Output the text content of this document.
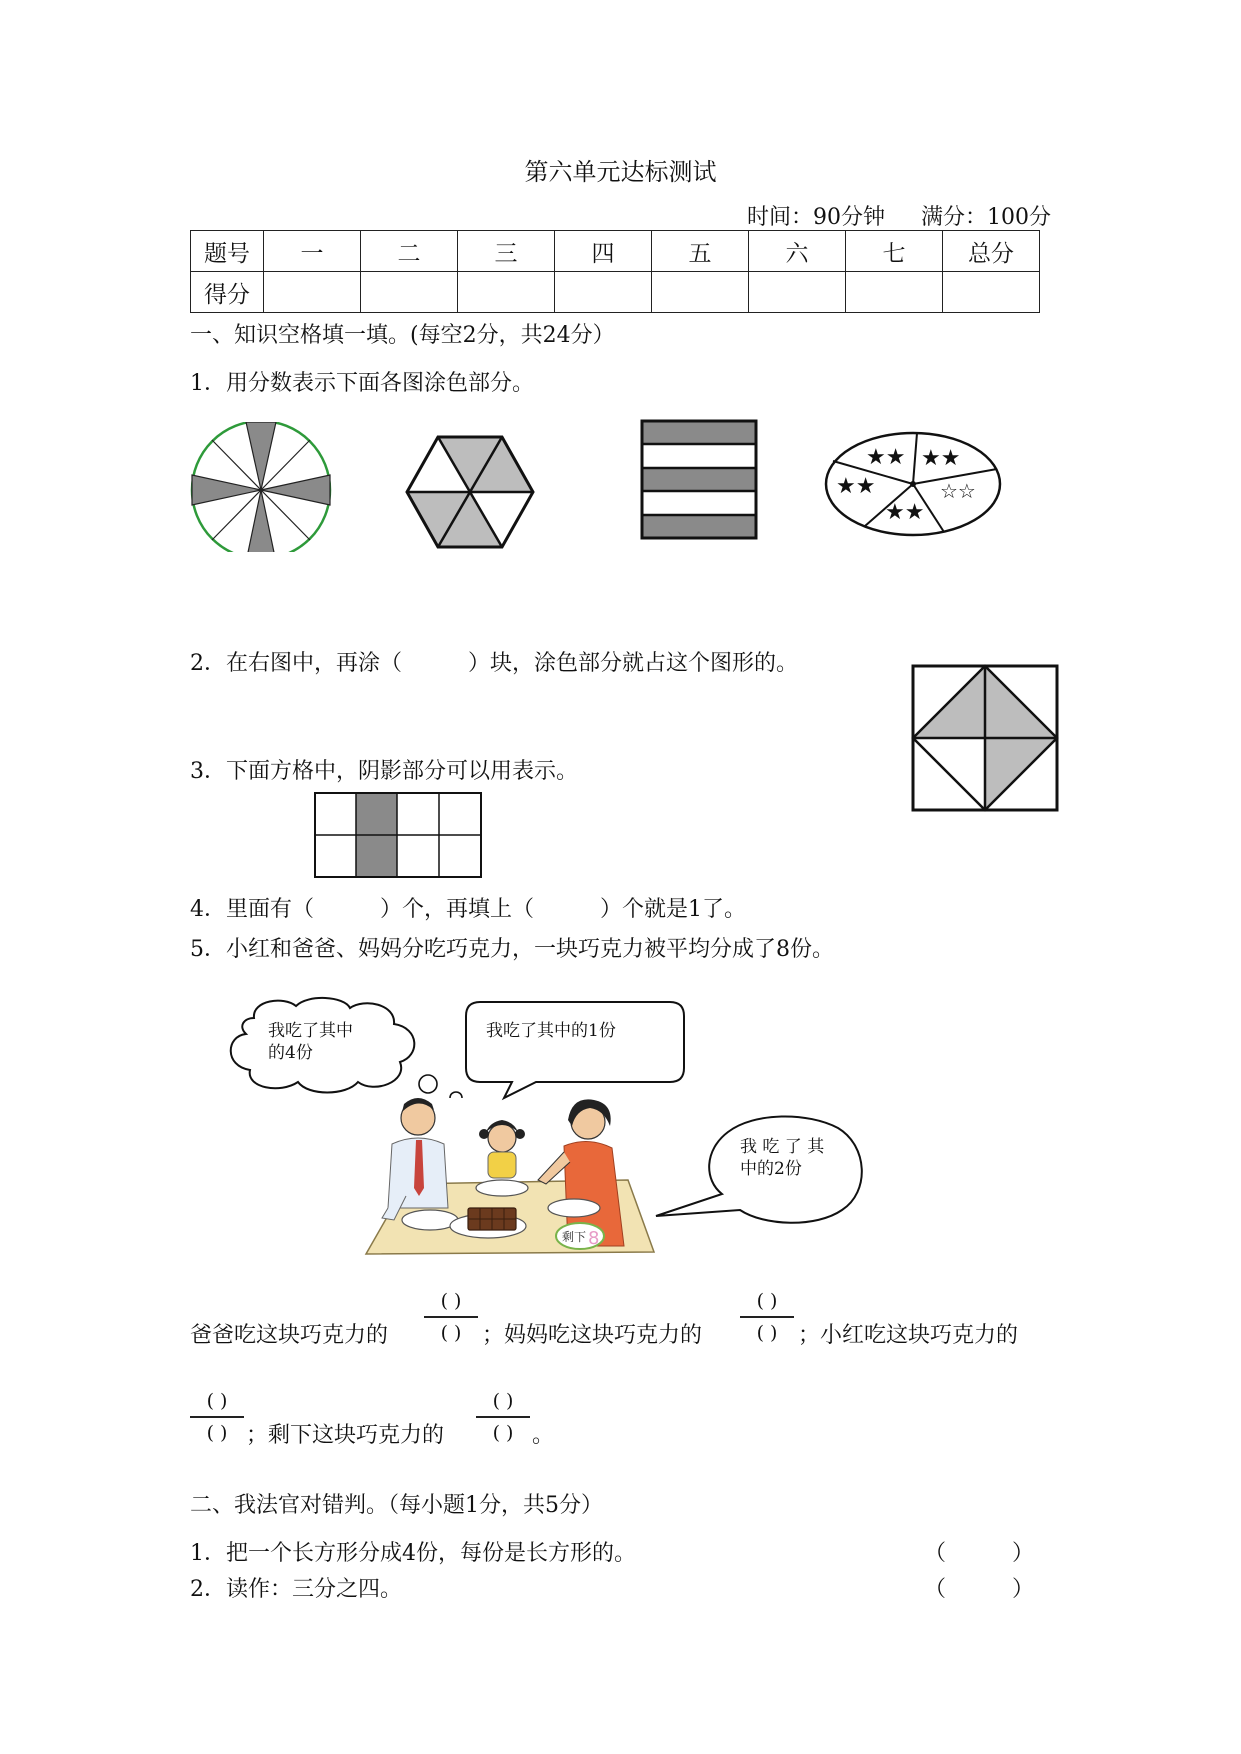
第六单元达标测试
时间：90分钟 满分：100分
题号	一	二	三	四	五	六	七	总分
得分								
一、知识空格填一填。(每空2分，共24分）
1．用分数表示下面各图涂色部分。
★★ ★★
★★
★★
☆☆
2．在右图中，再涂（　　　）块，涂色部分就占这个图形的。
3．下面方格中，阴影部分可以用表示。
4．里面有（　　　）个，再填上（　　　）个就是1了。
5．小红和爸爸、妈妈分吃巧克力，一块巧克力被平均分成了8份。
我吃了其中
的4份
我吃了其中的1份
我 吃 了 其
中的2份
剩下 8
爸爸吃这块巧克力的
( )
( ) ；妈妈吃这块巧克力的
( )
( ) ；小红吃这块巧克力的
( )
( ) ；剩下这块巧克力的
( )
( ) 。
二、我法官对错判。（每小题1分，共5分）
1．把一个长方形分成4份，每份是长方形的。	（　　　）
2．读作：三分之四。	（　　　）
